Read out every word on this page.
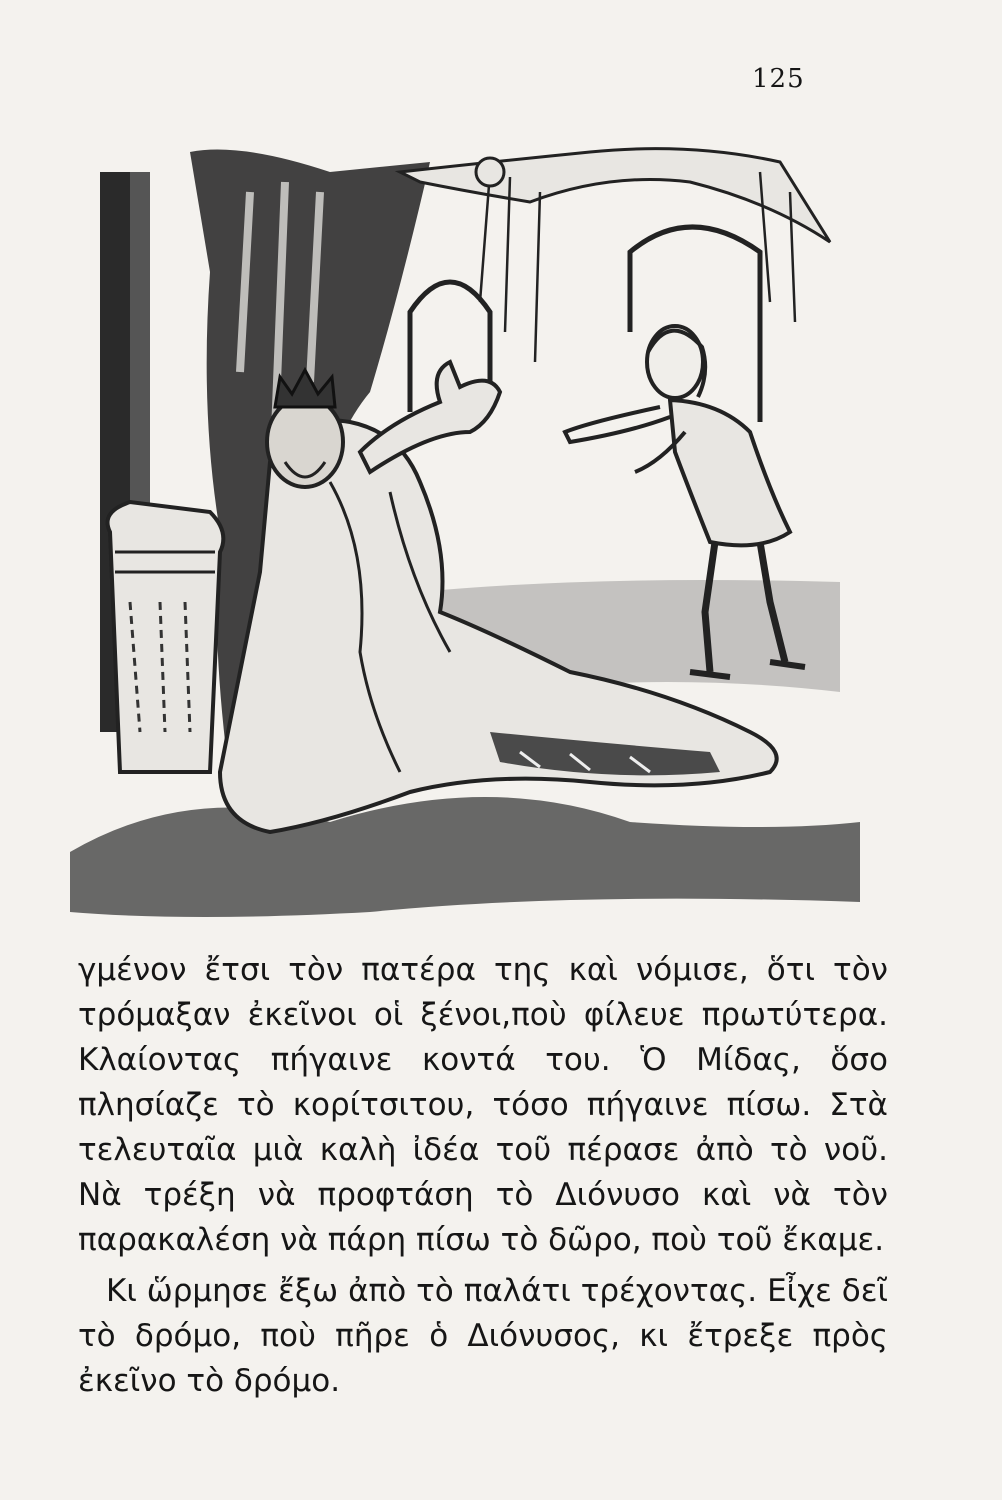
125

γμένον ἔτσι τὸν πατέρα της καὶ νόμισε, ὅτι τὸν τρόμαξαν ἐκεῖνοι οἱ ξένοι,ποὺ φίλευε πρωτύτερα. Κλαίοντας πήγαινε κοντά του. Ὁ Μίδας, ὅσο πλησίαζε τὸ κορίτσιτου, τόσο πήγαινε πίσω. Στὰ τελευταῖα μιὰ καλὴ ἰδέα τοῦ πέρασε ἀπὸ τὸ νοῦ. Νὰ τρέξη νὰ προφτάση τὸ Διόνυσο καὶ νὰ τὸν παρακαλέση νὰ πάρη πίσω τὸ δῶρο, ποὺ τοῦ ἔκαμε.

Κι ὥρμησε ἔξω ἀπὸ τὸ παλάτι τρέχοντας. Εἶχε δεῖ τὸ δρόμο, ποὺ πῆρε ὁ Διόνυσος, κι ἔτρεξε πρὸς ἐκεῖνο τὸ δρόμο.
